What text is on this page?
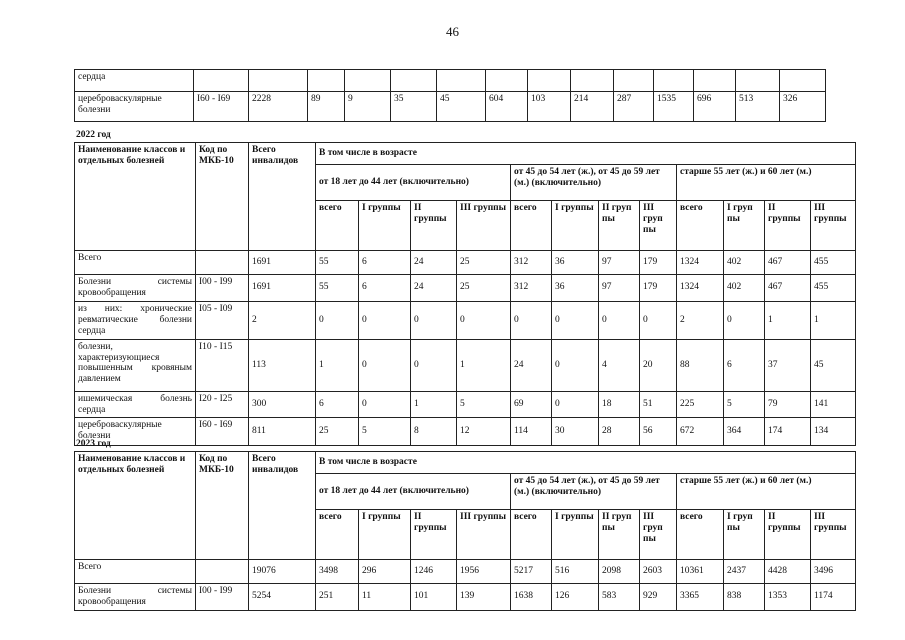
46
сердца														
цереброваскулярные болезни	I60 - I69	2228	89	9	35	45	604	103	214	287	1535	696	513	326
2022 год
Наименование классов и отдельных болезней	Код по МКБ-10	Всего инвалидов	В том числе в возрасте											
			от 18 лет до 44 лет (включительно)				от 45 до 54 лет (ж.), от 45 до 59 лет (м.) (включительно)				старше 55 лет (ж.) и 60 лет (м.)			
			всего	I группы	II группы	III группы	всего	I группы	II груп пы	III груп пы	всего	I груп пы	II группы	III группы
Всего		1691	55	6	24	25	312	36	97	179	1324	402	467	455
Болезни системы кровообращения	I00 - I99	1691	55	6	24	25	312	36	97	179	1324	402	467	455
из них: хронические ревматические болезни сердца	I05 - I09	2	0	0	0	0	0	0	0	0	2	0	1	1
болезни, характеризующиеся повышенным кровяным давлением	I10 - I15	113	1	0	0	1	24	0	4	20	88	6	37	45
ишемическая болезнь сердца	I20 - I25	300	6	0	1	5	69	0	18	51	225	5	79	141
цереброваскулярные болезни	I60 - I69	811	25	5	8	12	114	30	28	56	672	364	174	134
2023 год
Наименование классов и отдельных болезней	Код по МКБ-10	Всего инвалидов	В том числе в возрасте											
			от 18 лет до 44 лет (включительно)				от 45 до 54 лет (ж.), от 45 до 59 лет (м.) (включительно)				старше 55 лет (ж.) и 60 лет (м.)			
			всего	I группы	II группы	III группы	всего	I группы	II груп пы	III груп пы	всего	I груп пы	II группы	III группы
Всего		19076	3498	296	1246	1956	5217	516	2098	2603	10361	2437	4428	3496
Болезни системы кровообращения	I00 - I99	5254	251	11	101	139	1638	126	583	929	3365	838	1353	1174
